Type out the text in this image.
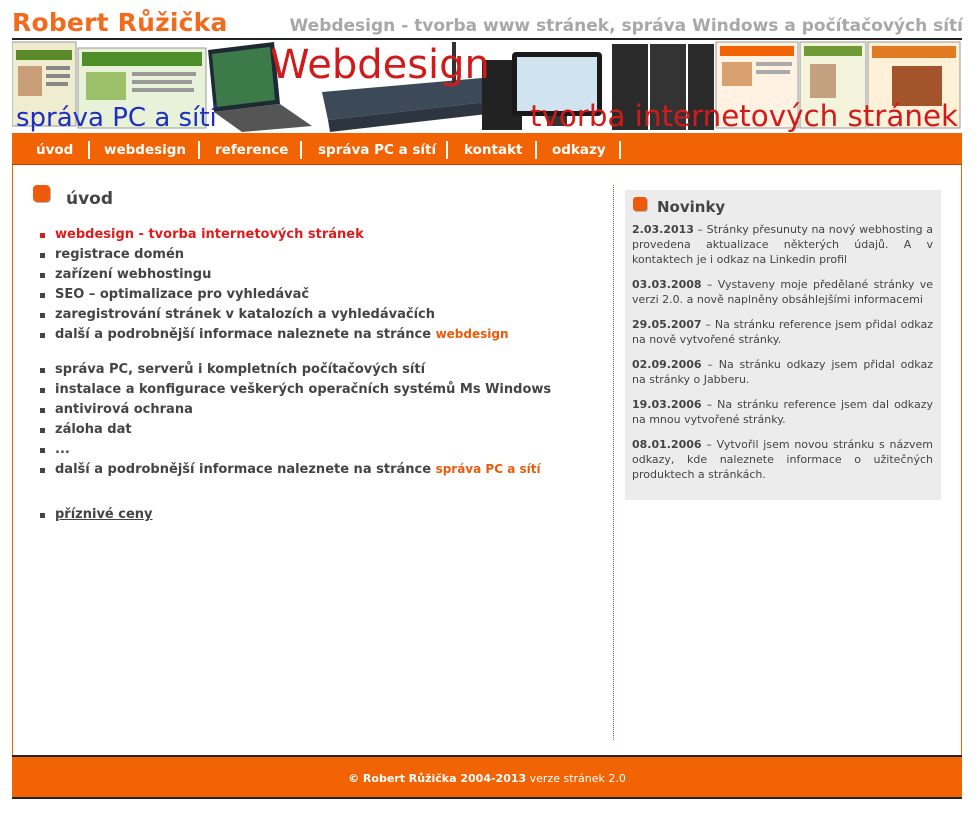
Robert Růžička	Webdesign - tvorba www stránek, správa Windows a počítačových sítí
správa PC a sítí
Webdesign
tvorba internetových stránek
úvod webdesign reference správa PC a sítí kontakt odkazy
úvod
webdesign - tvorba internetových stránek
registrace domén
zařízení webhostingu
SEO – optimalizace pro vyhledávač
zaregistrování stránek v katalozích a vyhledávačích
další a podrobnější informace naleznete na stránce webdesign
správa PC, serverů i kompletních počítačových sítí
instalace a konfigurace veškerých operačních systémů Ms Windows
antivirová ochrana
záloha dat
...
další a podrobnější informace naleznete na stránce správa PC a sítí
příznivé ceny
Novinky
2.03.2013 – Stránky přesunuty na nový webhosting a provedena aktualizace některých údajů. A v kontaktech je i odkaz na Linkedin profil
03.03.2008 – Vystaveny moje předělané stránky ve verzi 2.0. a nově naplněny obsáhlejšími informacemi
29.05.2007 – Na stránku reference jsem přidal odkaz na nově vytvořené stránky.
02.09.2006 – Na stránku odkazy jsem přidal odkaz na stránky o Jabberu.
19.03.2006 – Na stránku reference jsem dal odkazy na mnou vytvořené stránky.
08.01.2006 – Vytvořil jsem novou stránku s názvem odkazy, kde naleznete informace o užitečných produktech a stránkách.
© Robert Růžička 2004-2013 verze stránek 2.0
